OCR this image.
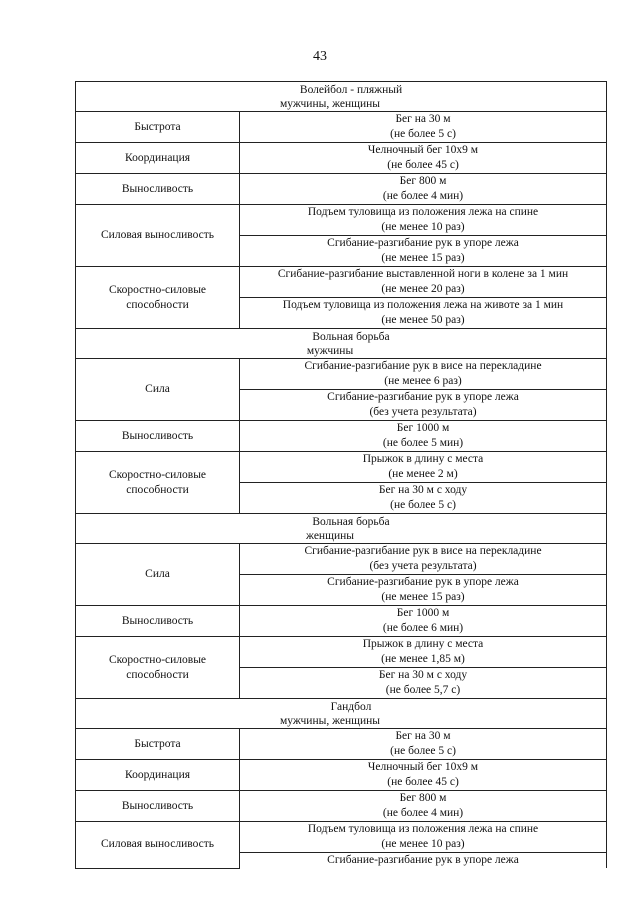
43
Волейбол - пляжный
мужчины, женщины	

Быстрота	Бег на 30 м
(не более 5 с)

Координация	Челночный бег 10х9 м
(не более 45 с)

Выносливость	Бег 800 м
(не более 4 мин)

Силовая выносливость	Подъем туловища из положения лежа на спине
(не менее 10 раз)

	Сгибание-разгибание рук в упоре лежа
(не менее 15 раз)

Скоростно-силовые
способности	Сгибание-разгибание выставленной ноги в колене за 1 мин
(не менее 20 раз)

	Подъем туловища из положения лежа на животе за 1 мин
(не менее 50 раз)

Вольная борьба
мужчины	

Сила	Сгибание-разгибание рук в висе на перекладине
(не менее 6 раз)

	Сгибание-разгибание рук в упоре лежа
(без учета результата)

Выносливость	Бег 1000 м
(не более 5 мин)

Скоростно-силовые
способности	Прыжок в длину с места
(не менее 2 м)

	Бег на 30 м с ходу
(не более 5 с)

Вольная борьба
женщины	

Сила	Сгибание-разгибание рук в висе на перекладине
(без учета результата)

	Сгибание-разгибание рук в упоре лежа
(не менее 15 раз)

Выносливость	Бег 1000 м
(не более 6 мин)

Скоростно-силовые
способности	Прыжок в длину с места
(не менее 1,85 м)

	Бег на 30 м с ходу
(не более 5,7 с)

Гандбол
мужчины, женщины	

Быстрота	Бег на 30 м
(не более 5 с)

Координация	Челночный бег 10х9 м
(не более 45 с)

Выносливость	Бег 800 м
(не более 4 мин)

Силовая выносливость	Подъем туловища из положения лежа на спине
(не менее 10 раз)

	Сгибание-разгибание рук в упоре лежа
